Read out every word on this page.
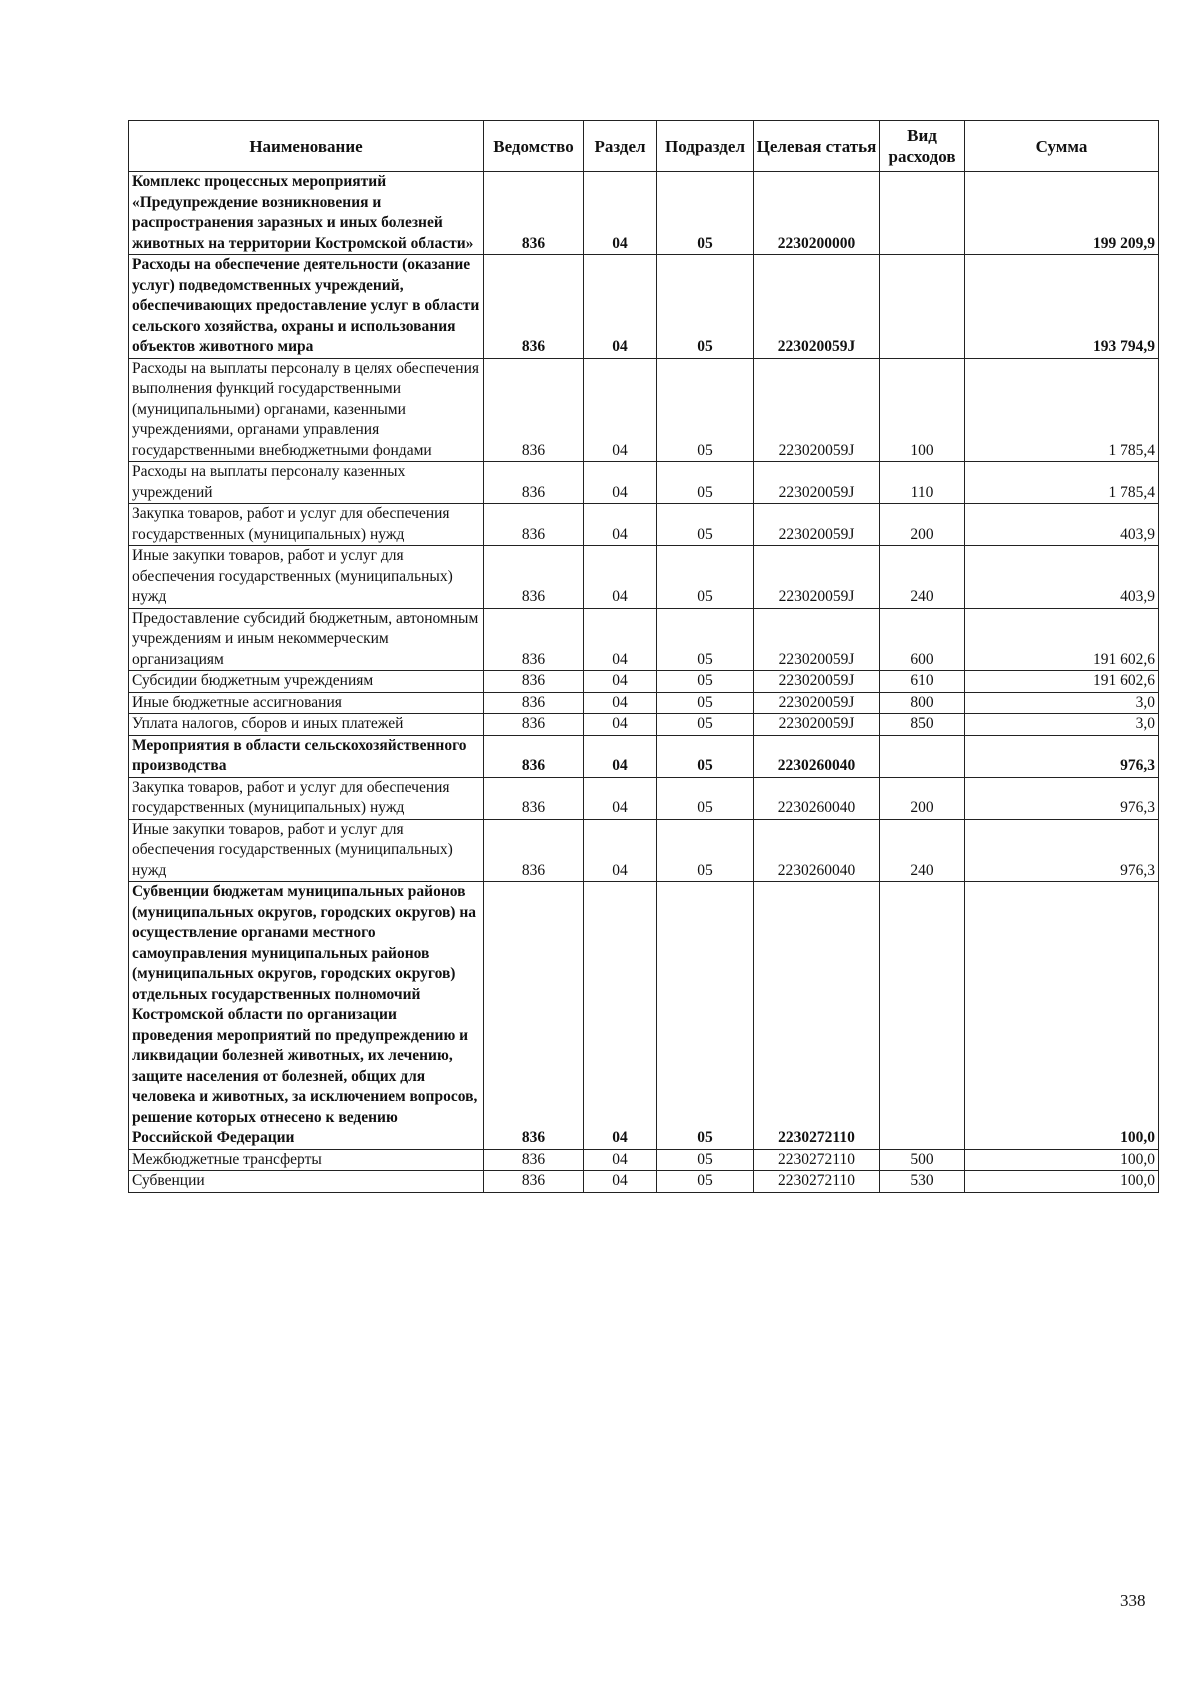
Наименование	Ведомство	Раздел	Подраздел	Целевая статья	Вид расходов	Сумма
Комплекс процессных мероприятий «Предупреждение возникновения и распространения заразных и иных болезней животных на территории Костромской области»	836	04	05	2230200000		199 209,9
Расходы на обеспечение деятельности (оказание услуг) подведомственных учреждений, обеспечивающих предоставление услуг в области сельского хозяйства, охраны и использования объектов животного мира	836	04	05	223020059J		193 794,9
Расходы на выплаты персоналу в целях обеспечения выполнения функций государственными (муниципальными) органами, казенными учреждениями, органами управления государственными внебюджетными фондами	836	04	05	223020059J	100	1 785,4
Расходы на выплаты персоналу казенных учреждений	836	04	05	223020059J	110	1 785,4
Закупка товаров, работ и услуг для обеспечения государственных (муниципальных) нужд	836	04	05	223020059J	200	403,9
Иные закупки товаров, работ и услуг для обеспечения государственных (муниципальных) нужд	836	04	05	223020059J	240	403,9
Предоставление субсидий бюджетным, автономным учреждениям и иным некоммерческим организациям	836	04	05	223020059J	600	191 602,6
Субсидии бюджетным учреждениям	836	04	05	223020059J	610	191 602,6
Иные бюджетные ассигнования	836	04	05	223020059J	800	3,0
Уплата налогов, сборов и иных платежей	836	04	05	223020059J	850	3,0
Мероприятия в области сельскохозяйственного производства	836	04	05	2230260040		976,3
Закупка товаров, работ и услуг для обеспечения государственных (муниципальных) нужд	836	04	05	2230260040	200	976,3
Иные закупки товаров, работ и услуг для обеспечения государственных (муниципальных) нужд	836	04	05	2230260040	240	976,3
Субвенции бюджетам муниципальных районов (муниципальных округов, городских округов) на осуществление органами местного самоуправления муниципальных районов (муниципальных округов, городских округов) отдельных государственных полномочий Костромской области по организации проведения мероприятий по предупреждению и ликвидации болезней животных, их лечению, защите населения от болезней, общих для человека и животных, за исключением вопросов, решение которых отнесено к ведению Российской Федерации	836	04	05	2230272110		100,0
Межбюджетные трансферты	836	04	05	2230272110	500	100,0
Субвенции	836	04	05	2230272110	530	100,0
338
